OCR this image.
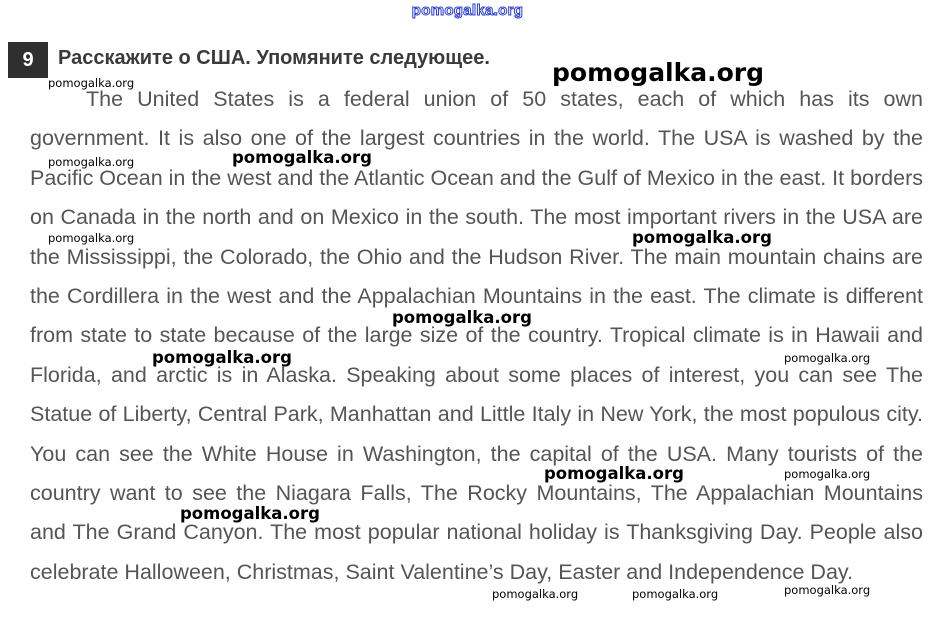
pomogalka.org
9	Расскажите о США. Упомяните следующее.

The United States is a federal union of 50 states, each of which has its own government. It is also one of the largest countries in the world. The USA is washed by the Pacific Ocean in the west and the Atlantic Ocean and the Gulf of Mexico in the east. It borders on Canada in the north and on Mexico in the south. The most important rivers in the USA are the Mississippi, the Colorado, the Ohio and the Hudson River. The main mountain chains are the Cordillera in the west and the Appalachian Mountains in the east. The climate is different from state to state because of the large size of the country. Tropical climate is in Hawaii and Florida, and arctic is in Alaska. Speaking about some places of interest, you can see The Statue of Liberty, Central Park, Manhattan and Little Italy in New York, the most populous city. You can see the White House in Washington, the capital of the USA. Many tourists of the country want to see the Niagara Falls, The Rocky Mountains, The Appalachian Mountains and The Grand Canyon. The most popular national holiday is Thanksgiving Day. People also celebrate Halloween, Christmas, Saint Valentine’s Day, Easter and Independence Day.

pomogalka.org
pomogalka.org
pomogalka.org	pomogalka.org
pomogalka.org	pomogalka.org
pomogalka.org
pomogalka.org	pomogalka.org
pomogalka.org	pomogalka.org
pomogalka.org
pomogalka.org
pomogalka.org	pomogalka.org
